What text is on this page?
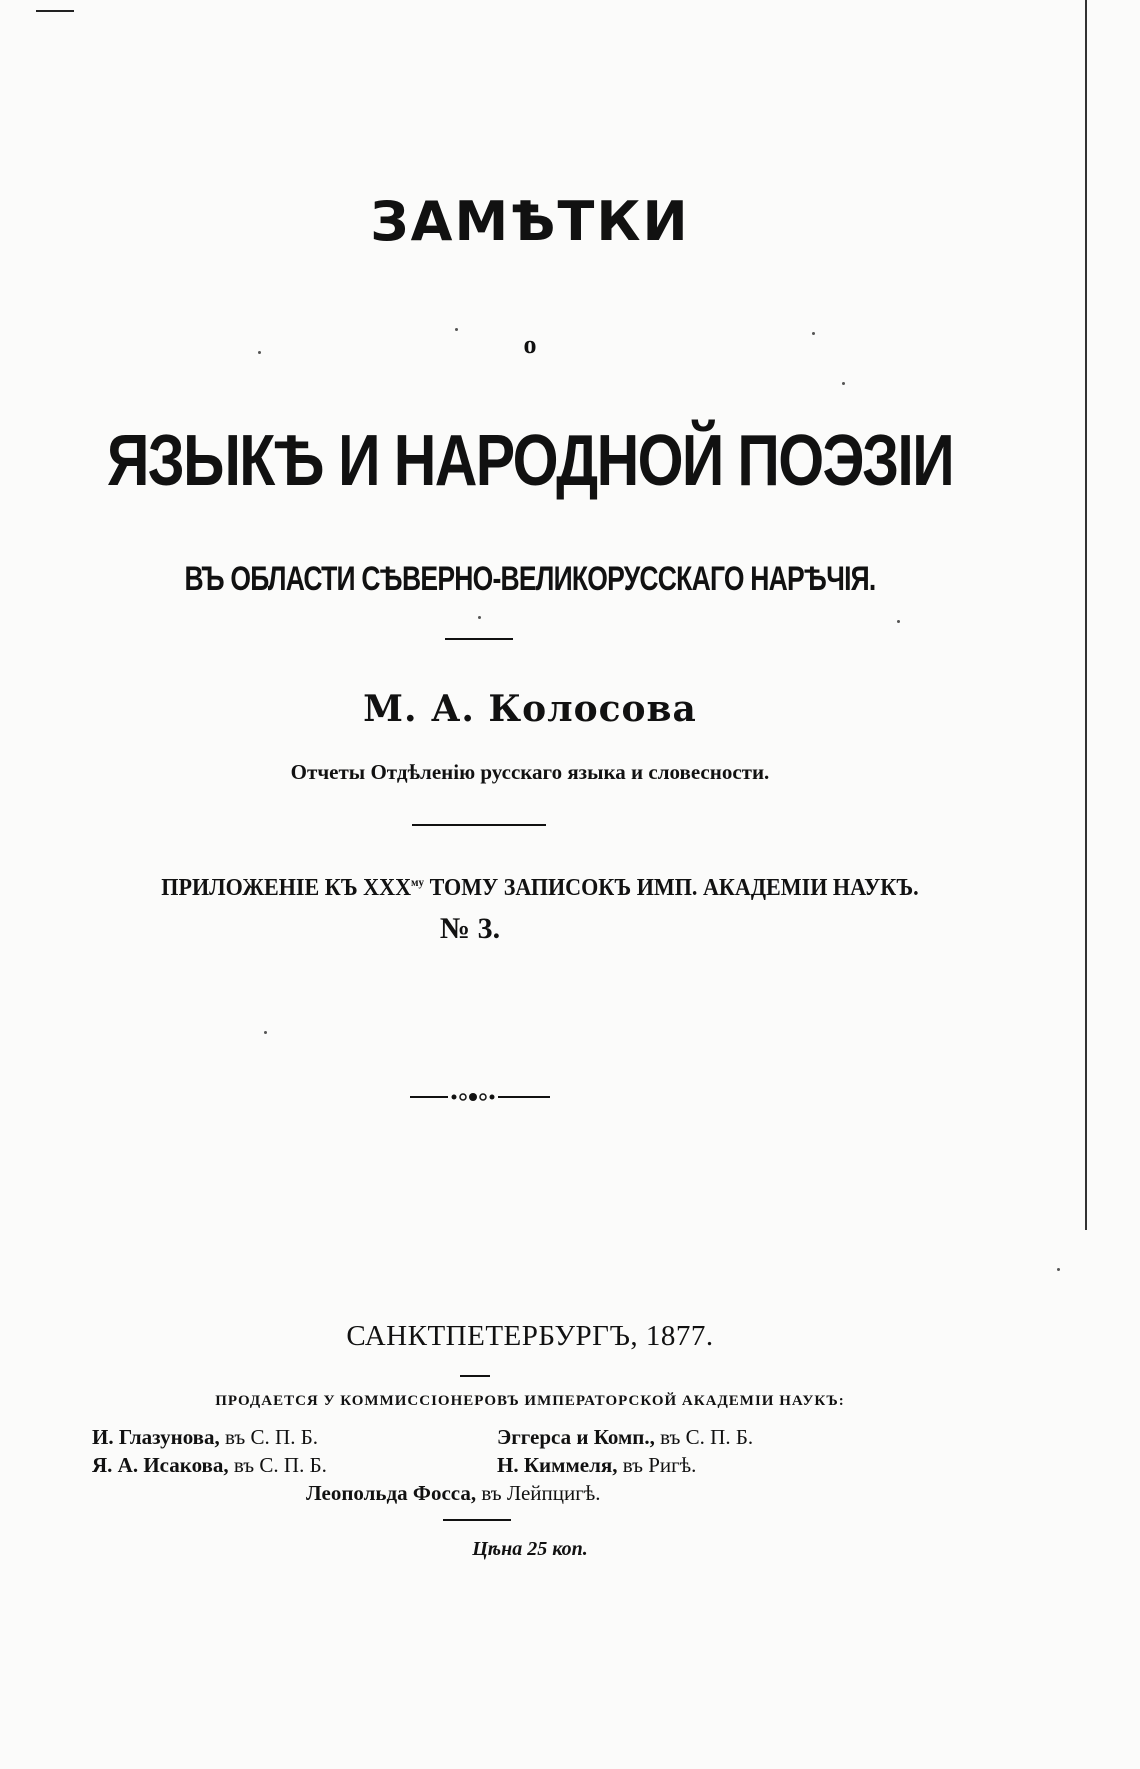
ЗАМѢТКИ
о
ЯЗЫКѢ И НАРОДНОЙ ПОЭЗІИ
ВЪ ОБЛАСТИ СѢВЕРНО-ВЕЛИКОРУССКАГО НАРѢЧІЯ.
М. А. Колосова
Отчеты Отдѣленію русскаго языка и словесности.
ПРИЛОЖЕНІЕ КЪ $XXX^{му}$ ТОМУ ЗАПИСОКЪ ИМП. АКАДЕМІИ НАУКЪ.
№ 3.
САНКТПЕТЕРБУРГЪ, 1877.
ПРОДАЕТСЯ У КОММИССІОНЕРОВЪ ИМПЕРАТОРСКОЙ АКАДЕМІИ НАУКЪ:
И. Глазунова, въ С. П. Б.	Эггерса и Комп., въ С. П. Б.
Я. А. Исакова, въ С. П. Б.	Н. Киммеля, въ Ригѣ.
Леопольда Фосса, въ Лейпцигѣ.
Цѣна 25 коп.
